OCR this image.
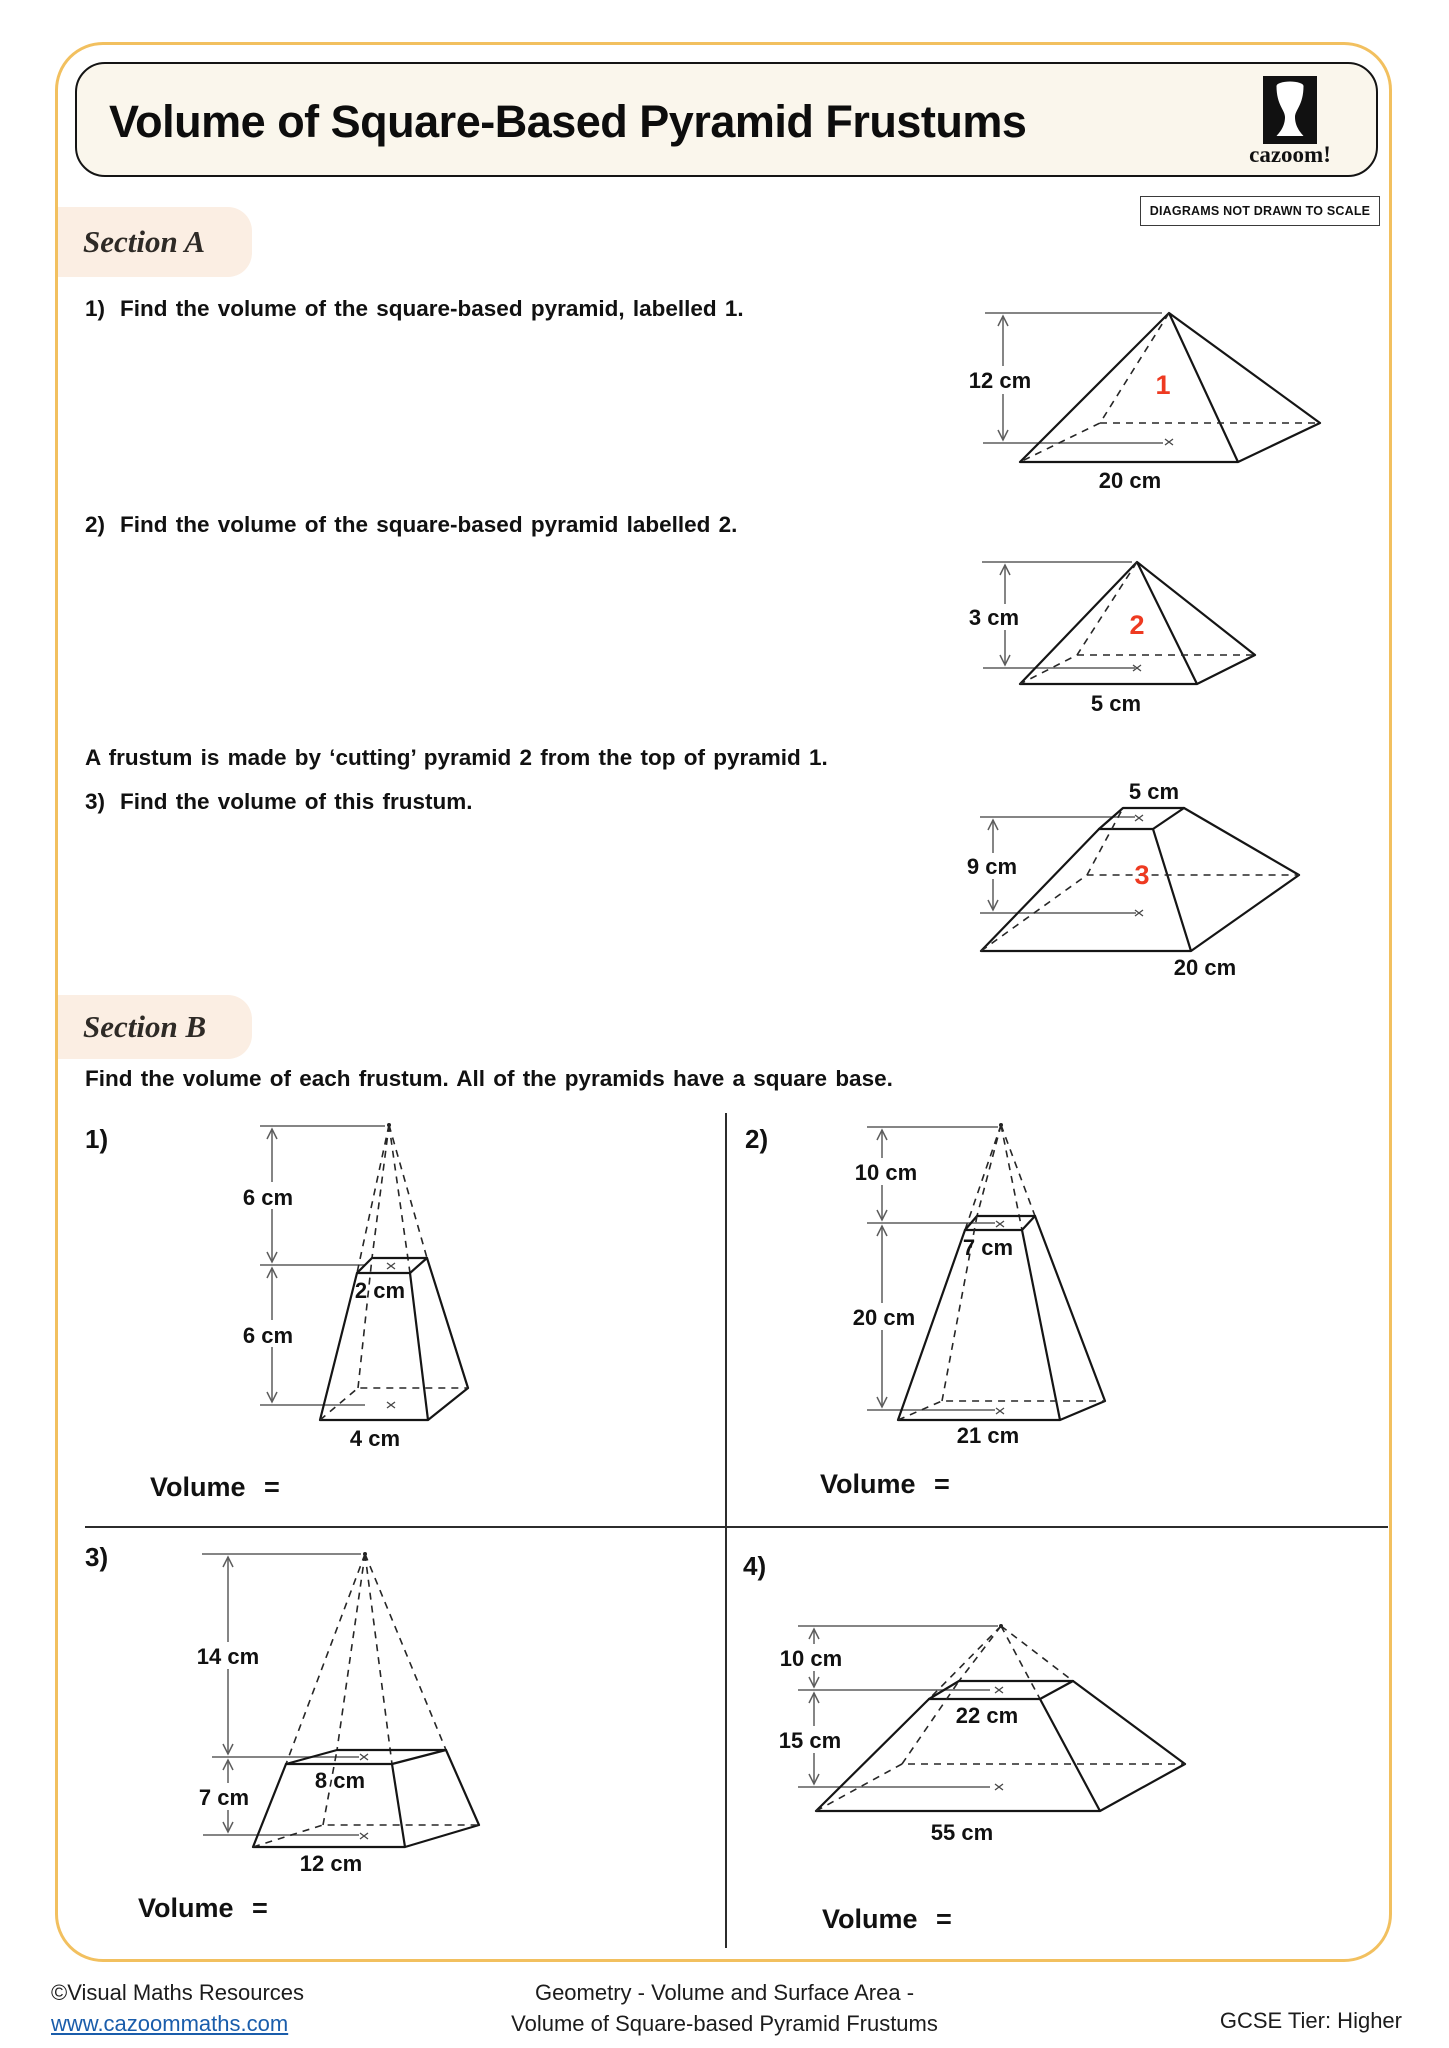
Volume of Square-Based Pyramid Frustums
cazoom!
DIAGRAMS NOT DRAWN TO SCALE
Section A
1) Find the volume of the square-based pyramid, labelled 1.
12 cm
20 cm
1
2) Find the volume of the square-based pyramid labelled 2.
3 cm
5 cm
2
A frustum is made by ‘cutting’ pyramid 2 from the top of pyramid 1.
3) Find the volume of this frustum.	5 cm
9 cm
20 cm
3
Section B
Find the volume of each frustum. All of the pyramids have a square base.
1)
6 cm
2 cm
6 cm
4 cm
Volume =
2)
10 cm
7 cm
20 cm
21 cm
Volume =
3)
14 cm
8 cm
7 cm
12 cm
Volume =
4)
10 cm
22 cm
15 cm
55 cm
Volume =
©Visual Maths Resources
www.cazoommaths.com
Geometry - Volume and Surface Area -
Volume of Square-based Pyramid Frustums	GCSE Tier: Higher
